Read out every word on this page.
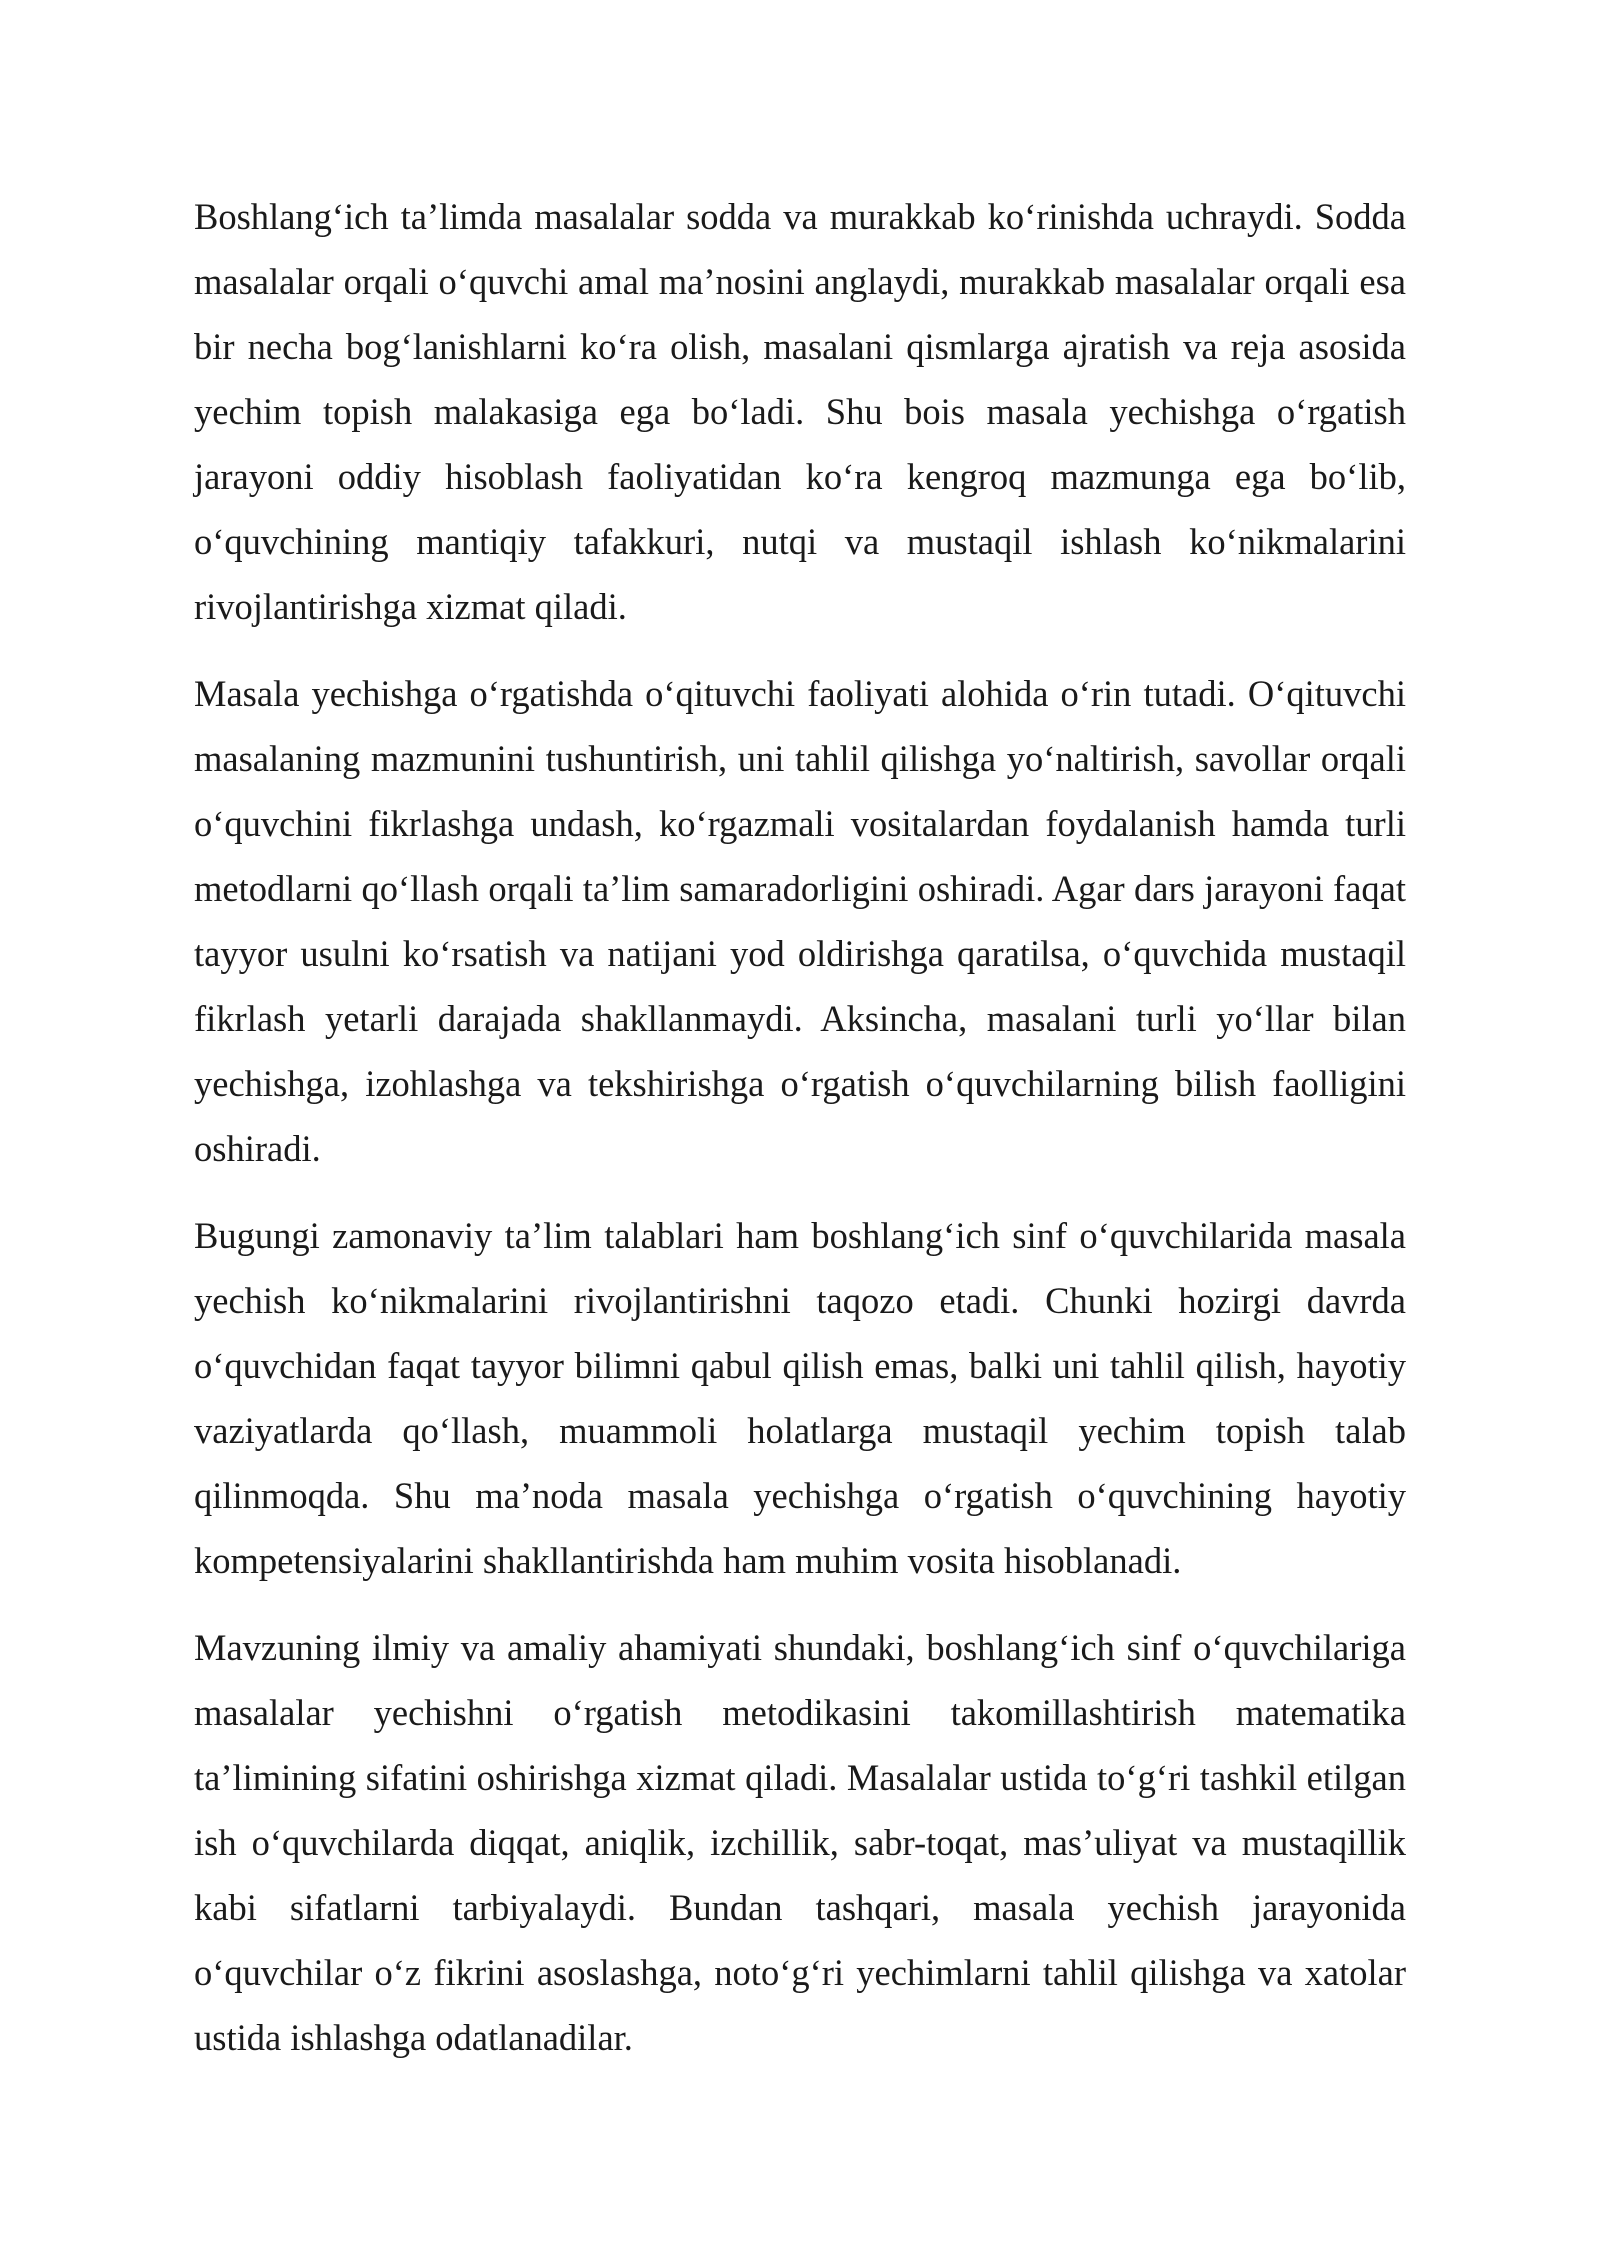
Boshlang‘ich ta’limda masalalar sodda va murakkab ko‘rinishda uchraydi. Sodda masalalar orqali o‘quvchi amal ma’nosini anglaydi, murakkab masalalar orqali esa bir necha bog‘lanishlarni ko‘ra olish, masalani qismlarga ajratish va reja asosida yechim topish malakasiga ega bo‘ladi. Shu bois masala yechishga o‘rgatish jarayoni oddiy hisoblash faoliyatidan ko‘ra kengroq mazmunga ega bo‘lib, o‘quvchining mantiqiy tafakkuri, nutqi va mustaqil ishlash ko‘nikmalarini rivojlantirishga xizmat qiladi.

Masala yechishga o‘rgatishda o‘qituvchi faoliyati alohida o‘rin tutadi. O‘qituvchi masalaning mazmunini tushuntirish, uni tahlil qilishga yo‘naltirish, savollar orqali o‘quvchini fikrlashga undash, ko‘rgazmali vositalardan foydalanish hamda turli metodlarni qo‘llash orqali ta’lim samaradorligini oshiradi. Agar dars jarayoni faqat tayyor usulni ko‘rsatish va natijani yod oldirishga qaratilsa, o‘quvchida mustaqil fikrlash yetarli darajada shakllanmaydi. Aksincha, masalani turli yo‘llar bilan yechishga, izohlashga va tekshirishga o‘rgatish o‘quvchilarning bilish faolligini oshiradi.

Bugungi zamonaviy ta’lim talablari ham boshlang‘ich sinf o‘quvchilarida masala yechish ko‘nikmalarini rivojlantirishni taqozo etadi. Chunki hozirgi davrda o‘quvchidan faqat tayyor bilimni qabul qilish emas, balki uni tahlil qilish, hayotiy vaziyatlarda qo‘llash, muammoli holatlarga mustaqil yechim topish talab qilinmoqda. Shu ma’noda masala yechishga o‘rgatish o‘quvchining hayotiy kompetensiyalarini shakllantirishda ham muhim vosita hisoblanadi.

Mavzuning ilmiy va amaliy ahamiyati shundaki, boshlang‘ich sinf o‘quvchilariga masalalar yechishni o‘rgatish metodikasini takomillashtirish matematika ta’limining sifatini oshirishga xizmat qiladi. Masalalar ustida to‘g‘ri tashkil etilgan ish o‘quvchilarda diqqat, aniqlik, izchillik, sabr-toqat, mas’uliyat va mustaqillik kabi sifatlarni tarbiyalaydi. Bundan tashqari, masala yechish jarayonida o‘quvchilar o‘z fikrini asoslashga, noto‘g‘ri yechimlarni tahlil qilishga va xatolar ustida ishlashga odatlanadilar.
